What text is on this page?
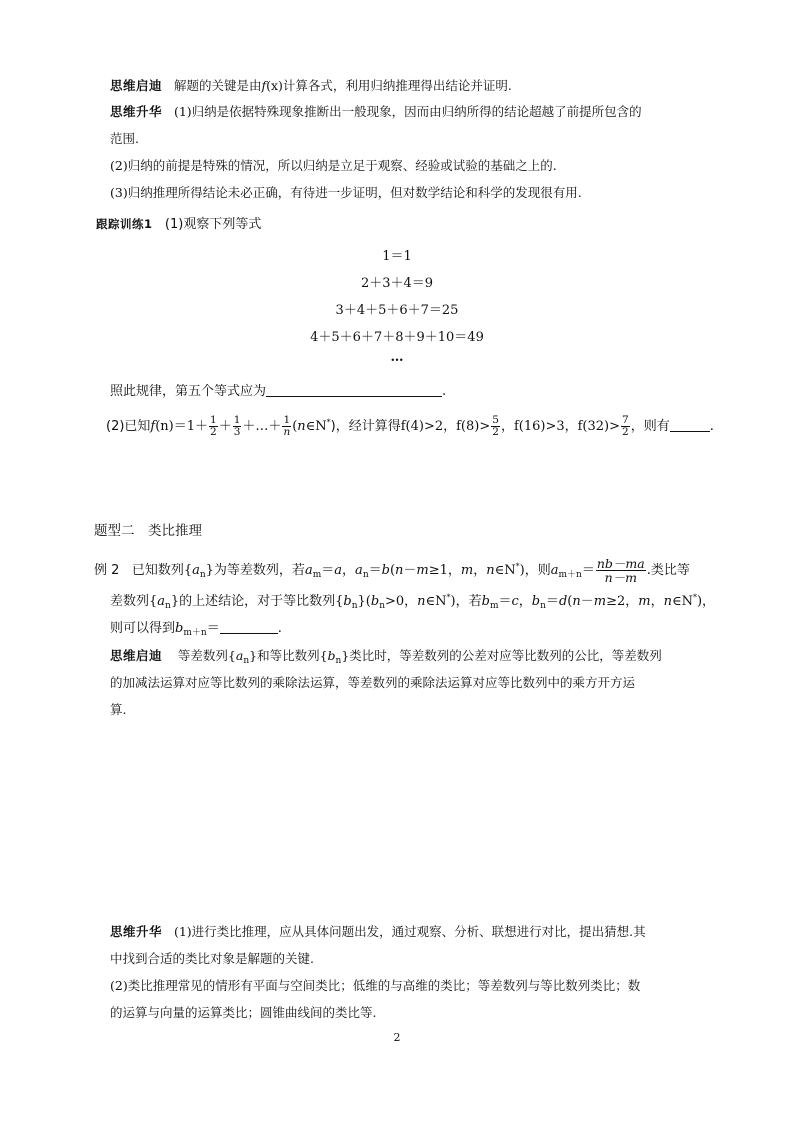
思维启迪 解题的关键是由f(x)计算各式，利用归纳推理得出结论并证明.
思维升华 (1)归纳是依据特殊现象推断出一般现象，因而由归纳所得的结论超越了前提所包含的
范围.
(2)归纳的前提是特殊的情况，所以归纳是立足于观察、经验或试验的基础之上的.
(3)归纳推理所得结论未必正确，有待进一步证明，但对数学结论和科学的发现很有用.
跟踪训练1 (1)观察下列等式
1＝1
2＋3＋4＝9
3＋4＋5＋6＋7＝25
4＋5＋6＋7＋8＋9＋10＝49
…
照此规律，第五个等式应为	.
(2)已知$f(n)=1+ \frac{1}{2} + \frac{1}{3}$ ＋…＋ $\frac{1}{n}$ (n∈N*)，经计算得f(4)>2，$f(8)> \frac{5}{2}$ ，f(16)>3，$f(32)> \frac{7}{2}$ ，则有	.
题型二　类比推理
例 2 已知数列$\{a_n\}$为等差数列，若$a_m=a$，$a_n=b(n-m\ge 1$，m，n∈N*)，则$a_{m+n}= \frac{nb-ma}{n-m}$ .类比等
差数列$\{a_n\}$的上述结论，对于等比数列$\{b_n\}(b_n>0$，n∈N*)，若$b_m=c$，$b_n=d(n-m\ge 2$，m，n∈N*)，
则可以得到$b_{m+n}=$	.
思维启迪 等差数列$\{a_n\}$和等比数列$\{b_n\}$类比时，等差数列的公差对应等比数列的公比，等差数列
的加减法运算对应等比数列的乘除法运算，等差数列的乘除法运算对应等比数列中的乘方开方运
算.
思维升华 (1)进行类比推理，应从具体问题出发，通过观察、分析、联想进行对比，提出猜想.其
中找到合适的类比对象是解题的关键.
(2)类比推理常见的情形有平面与空间类比；低维的与高维的类比；等差数列与等比数列类比；数
的运算与向量的运算类比；圆锥曲线间的类比等.
2
